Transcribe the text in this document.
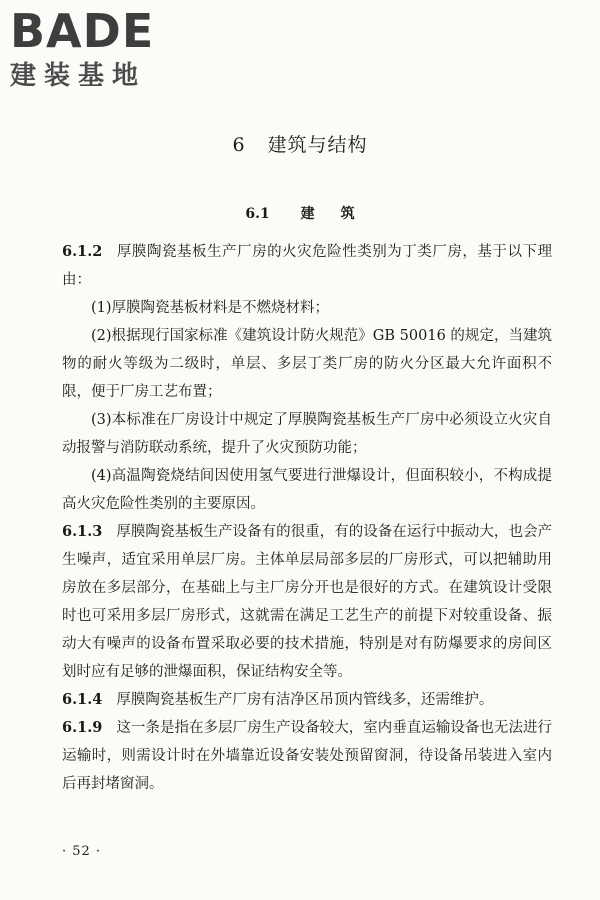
BADE
建装基地
6 建筑与结构
6.1 建 筑

6.1.2 厚膜陶瓷基板生产厂房的火灾危险性类别为丁类厂房，基于以下理由：

(1)厚膜陶瓷基板材料是不燃烧材料；

(2)根据现行国家标准《建筑设计防火规范》GB 50016 的规定，当建筑物的耐火等级为二级时，单层、多层丁类厂房的防火分区最大允许面积不限，便于厂房工艺布置；

(3)本标准在厂房设计中规定了厚膜陶瓷基板生产厂房中必须设立火灾自动报警与消防联动系统，提升了火灾预防功能；

(4)高温陶瓷烧结间因使用氢气要进行泄爆设计，但面积较小，不构成提高火灾危险性类别的主要原因。

6.1.3 厚膜陶瓷基板生产设备有的很重，有的设备在运行中振动大，也会产生噪声，适宜采用单层厂房。主体单层局部多层的厂房形式，可以把辅助用房放在多层部分，在基础上与主厂房分开也是很好的方式。在建筑设计受限时也可采用多层厂房形式，这就需在满足工艺生产的前提下对较重设备、振动大有噪声的设备布置采取必要的技术措施，特别是对有防爆要求的房间区划时应有足够的泄爆面积，保证结构安全等。

6.1.4 厚膜陶瓷基板生产厂房有洁净区吊顶内管线多，还需维护。

6.1.9 这一条是指在多层厂房生产设备较大，室内垂直运输设备也无法进行运输时，则需设计时在外墙靠近设备安装处预留窗洞，待设备吊装进入室内后再封堵窗洞。

· 52 ·
